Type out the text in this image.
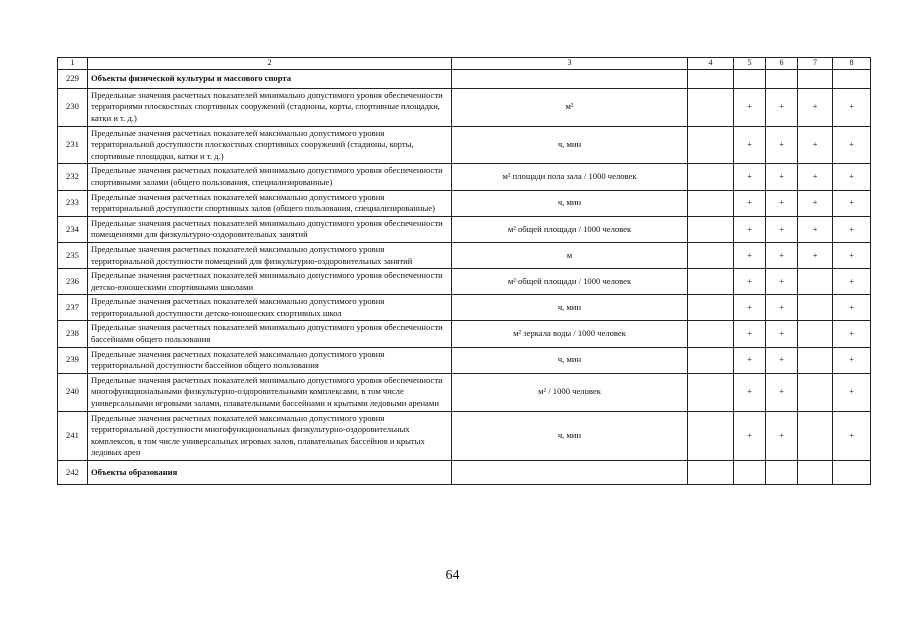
1	2	3	4	5	6	7	8
229	Объекты физической культуры и массового спорта						
230	Предельные значения расчетных показателей минимально допустимого уровня обеспеченности территориями плоскостных спортивных сооружений (стадионы, корты, спортивные площадки, катки и т. д.)	м²		+	+	+	+
231	Предельные значения расчетных показателей максимально допустимого уровня территориальной доступности плоскостных спортивных сооружений (стадионы, корты, спортивные площадки, катки и т. д.)	ч, мин		+	+	+	+
232	Предельные значения расчетных показателей минимально допустимого уровня обеспеченности спортивными залами (общего пользования, специализированные)	м² площади пола зала / 1000 человек		+	+	+	+
233	Предельные значения расчетных показателей максимально допустимого уровня территориальной доступности спортивных залов (общего пользования, специализированные)	ч, мин		+	+	+	+
234	Предельные значения расчетных показателей минимально допустимого уровня обеспеченности помещениями для физкультурно-оздоровительных занятий	м² общей площади / 1000 человек		+	+	+	+
235	Предельные значения расчетных показателей максимально допустимого уровня территориальной доступности помещений для физкультурно-оздоровительных занятий	м		+	+	+	+
236	Предельные значения расчетных показателей минимально допустимого уровня обеспеченности детско-юношескими спортивными школами	м² общей площади / 1000 человек		+	+		+
237	Предельные значения расчетных показателей максимально допустимого уровня территориальной доступности детско-юношеских спортивных школ	ч, мин		+	+		+
238	Предельные значения расчетных показателей минимально допустимого уровня обеспеченности бассейнами общего пользования	м² зеркала воды / 1000 человек		+	+		+
239	Предельные значения расчетных показателей максимально допустимого уровня территориальной доступности бассейнов общего пользования	ч, мин		+	+		+
240	Предельные значения расчетных показателей минимально допустимого уровня обеспеченности многофункциональными физкультурно-оздоровительными комплексами, в том числе универсальными игровыми залами, плавательными бассейнами и крытыми ледовыми аренами	м² / 1000 человек		+	+		+
241	Предельные значения расчетных показателей максимально допустимого уровня территориальной доступности многофункциональных физкультурно-оздоровительных комплексов, в том числе универсальных игровых залов, плавательных бассейнов и крытых ледовых арен	ч, мин		+	+		+
242	Объекты образования						
64
